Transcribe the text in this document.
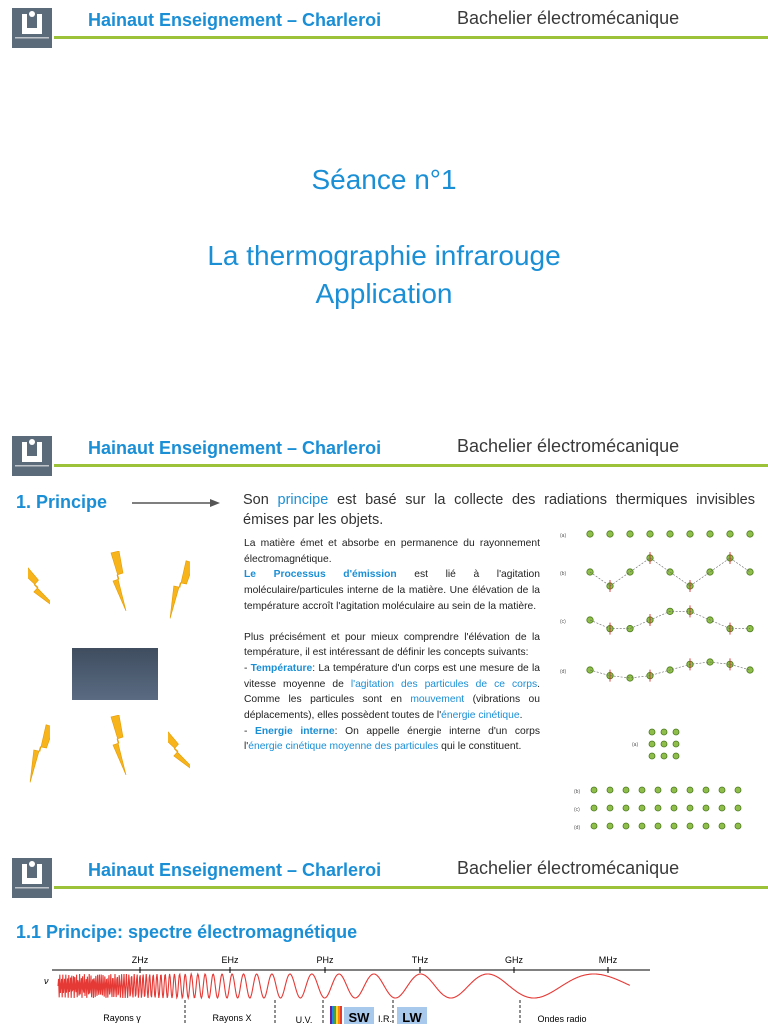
Hainaut Enseignement – Charleroi	Bachelier électromécanique
Séance n°1
La thermographie infrarouge
Application
Hainaut Enseignement – Charleroi	Bachelier électromécanique
1. Principe	Son principe est basé sur la collecte des radiations thermiques invisibles émises par les objets.

La matière émet et absorbe en permanence du rayonnement électromagnétique.

Le Processus d'émission est lié à l'agitation moléculaire/particules interne de la matière. Une élévation de la température accroît l'agitation moléculaire au sein de la matière.

Plus précisément et pour mieux comprendre l'élévation de la température, il est intéressant de définir les concepts suivants:

- Température: La température d'un corps est une mesure de la vitesse moyenne de l'agitation des particules de ce corps. Comme les particules sont en mouvement (vibrations ou déplacements), elles possèdent toutes de l'énergie cinétique.

- Energie interne: On appelle énergie interne d'un corps l'énergie cinétique moyenne des particules qui le constituent.

(a)
(b)
(c)
(d)
(a)
(b)
(c)
(d)
Hainaut Enseignement – Charleroi	Bachelier électromécanique
1.1 Principe: spectre électromagnétique
ν
ZHz	EHz	PHz	THz	GHz	MHz
Rayons γ	Rayons X	U.V.	SW I.R. LW	Ondes radio
